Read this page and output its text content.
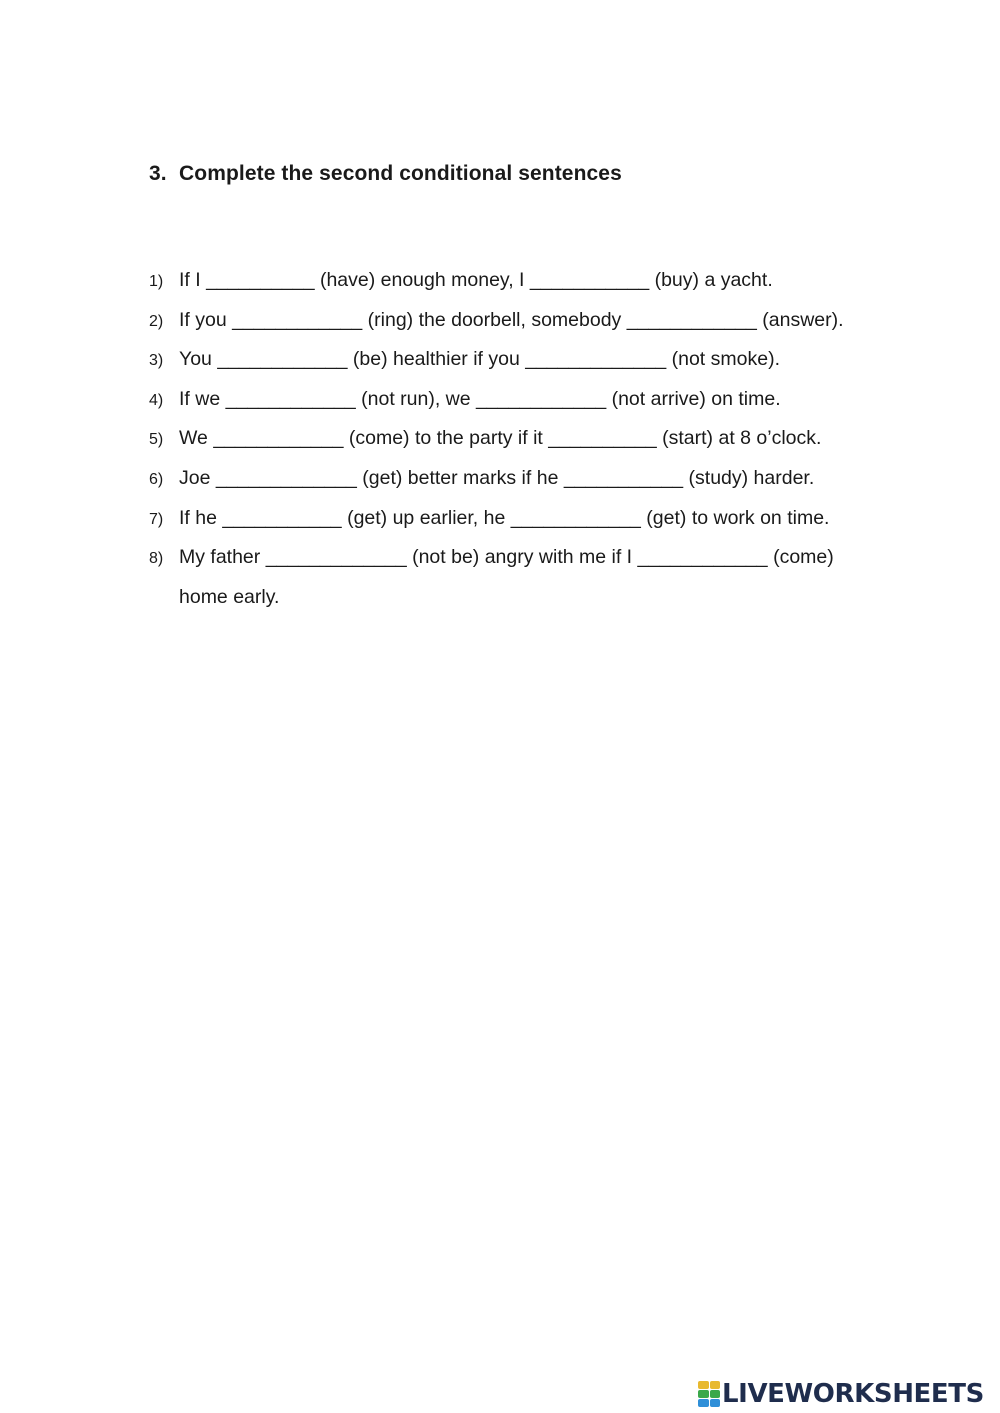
3. Complete the second conditional sentences
1) If I __________ (have) enough money, I ___________ (buy) a yacht.
2) If you ____________ (ring) the doorbell, somebody ____________ (answer).
3) You ____________ (be) healthier if you _____________ (not smoke).
4) If we ____________ (not run), we ____________ (not arrive) on time.
5) We ____________ (come) to the party if it __________ (start) at 8 o’clock.
6) Joe _____________ (get) better marks if he ___________ (study) harder.
7) If he ___________ (get) up earlier, he ____________ (get) to work on time.
8) My father _____________ (not be) angry with me if I ____________ (come)
home early.
LIVEWORKSHEETS
